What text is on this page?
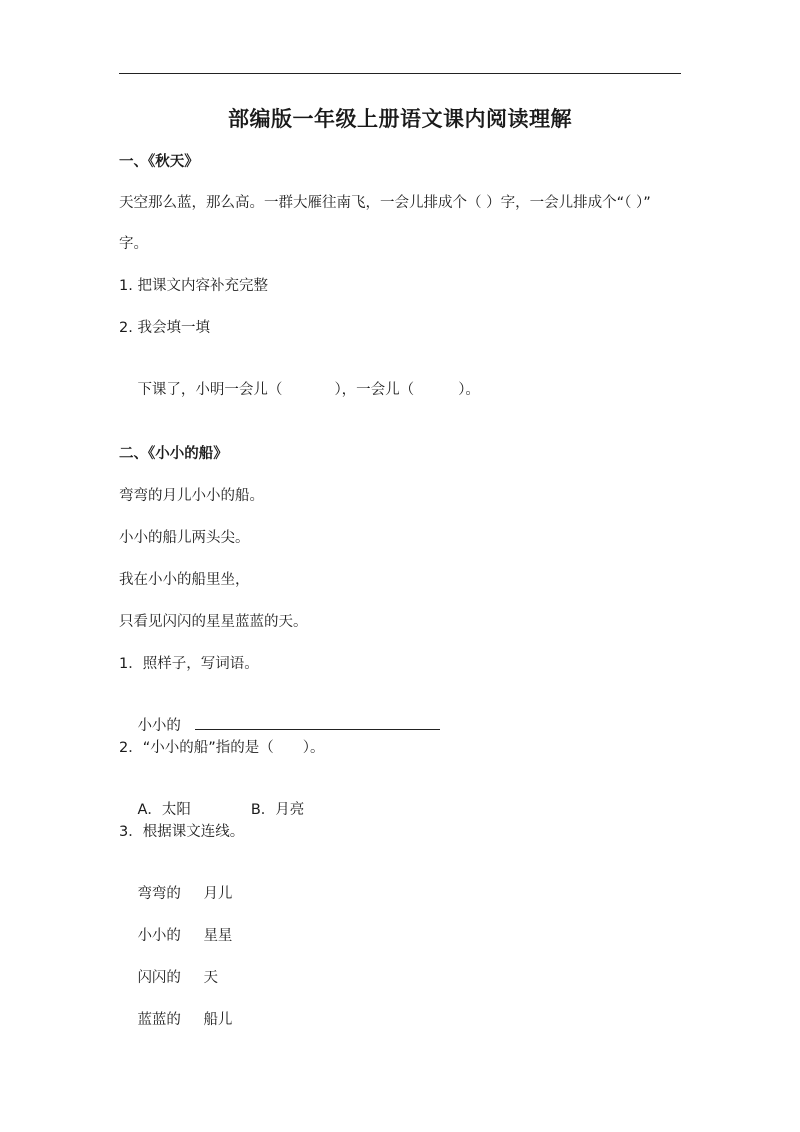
部编版一年级上册语文课内阅读理解
一、《秋天》
天空那么蓝，那么高。一群大雁往南飞，一会儿排成个（ ）字，一会儿排成个“（ ）”
字。
1. 把课文内容补充完整
2. 我会填一填

下课了，小明一会儿（	），一会儿（	）。

二、《小小的船》
弯弯的月儿小小的船。
小小的船儿两头尖。
我在小小的船里坐，
只看见闪闪的星星蓝蓝的天。
1．照样子，写词语。

小小的

2．“小小的船”指的是（　　）。

A．太阳	B．月亮

3．根据课文连线。

弯弯的 月儿

小小的 星星

闪闪的 天

蓝蓝的 船儿
